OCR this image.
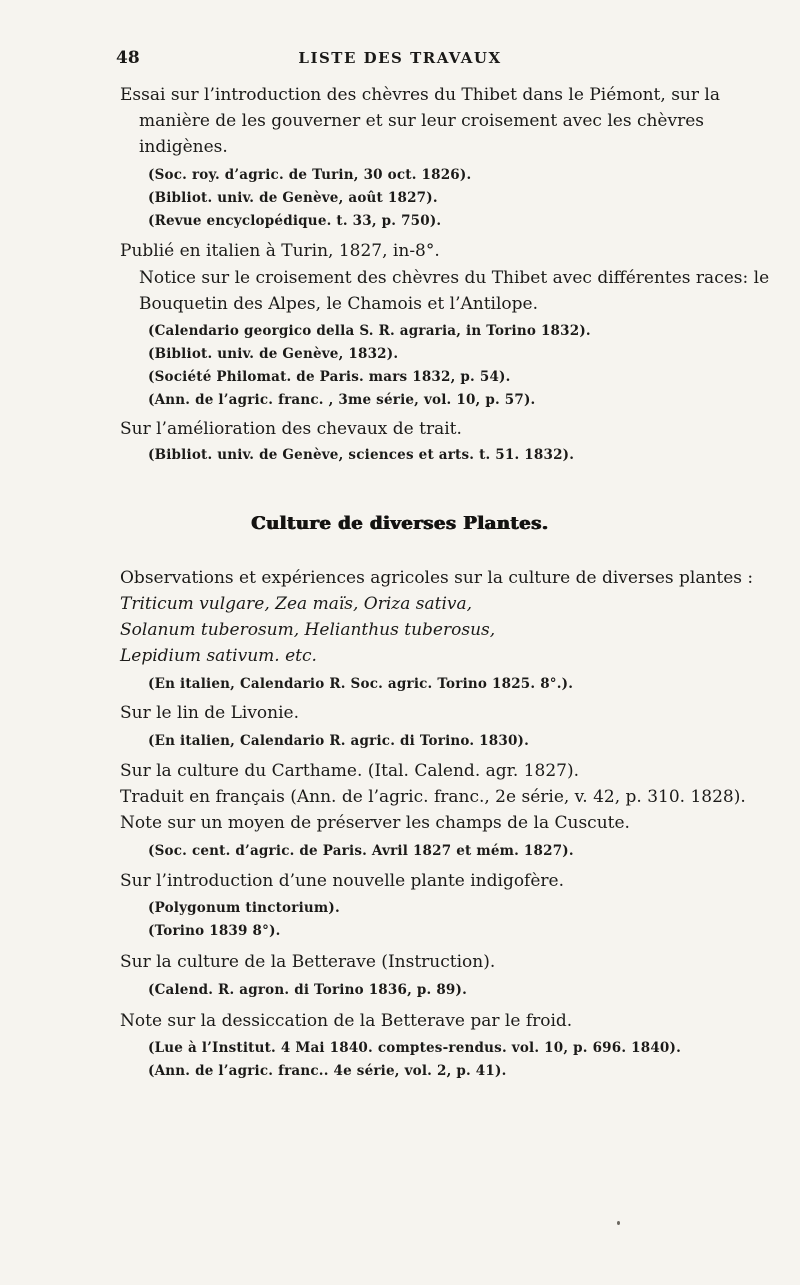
48	LISTE DES TRAVAUX
Essai sur l’introduction des chèvres du Thibet dans le Piémont, sur la
manière de les gouverner et sur leur croisement avec les chèvres
indigènes.
(Soc. roy. d’agric. de Turin, 30 oct. 1826).
(Bibliot. univ. de Genève, août 1827).
(Revue encyclopédique. t. 33, p. 750).
Publié en italien à Turin, 1827, in-8°.
Notice sur le croisement des chèvres du Thibet avec différentes races: le
Bouquetin des Alpes, le Chamois et l’Antilope.
(Calendario georgico della S. R. agraria, in Torino 1832).
(Bibliot. univ. de Genève, 1832).
(Société Philomat. de Paris. mars 1832, p. 54).
(Ann. de l’agric. franc. , 3me série, vol. 10, p. 57).
Sur l’amélioration des chevaux de trait.
(Bibliot. univ. de Genève, sciences et arts. t. 51. 1832).
Culture de diverses Plantes.
Observations et expériences agricoles sur la culture de diverses plantes :
Triticum vulgare, Zea maïs, Oriza sativa,
Solanum tuberosum, Helianthus tuberosus,
Lepidium sativum. etc.
(En italien, Calendario R. Soc. agric. Torino 1825. 8°.).
Sur le lin de Livonie.
(En italien, Calendario R. agric. di Torino. 1830).
Sur la culture du Carthame. (Ital. Calend. agr. 1827).
Traduit en français (Ann. de l’agric. franc., 2e série, v. 42, p. 310. 1828).
Note sur un moyen de préserver les champs de la Cuscute.
(Soc. cent. d’agric. de Paris. Avril 1827 et mém. 1827).
Sur l’introduction d’une nouvelle plante indigofère.
(Polygonum tinctorium).
(Torino 1839 8°).
Sur la culture de la Betterave (Instruction).
(Calend. R. agron. di Torino 1836, p. 89).
Note sur la dessiccation de la Betterave par le froid.
(Lue à l’Institut. 4 Mai 1840. comptes-rendus. vol. 10, p. 696. 1840).
(Ann. de l’agric. franc.. 4e série, vol. 2, p. 41).
